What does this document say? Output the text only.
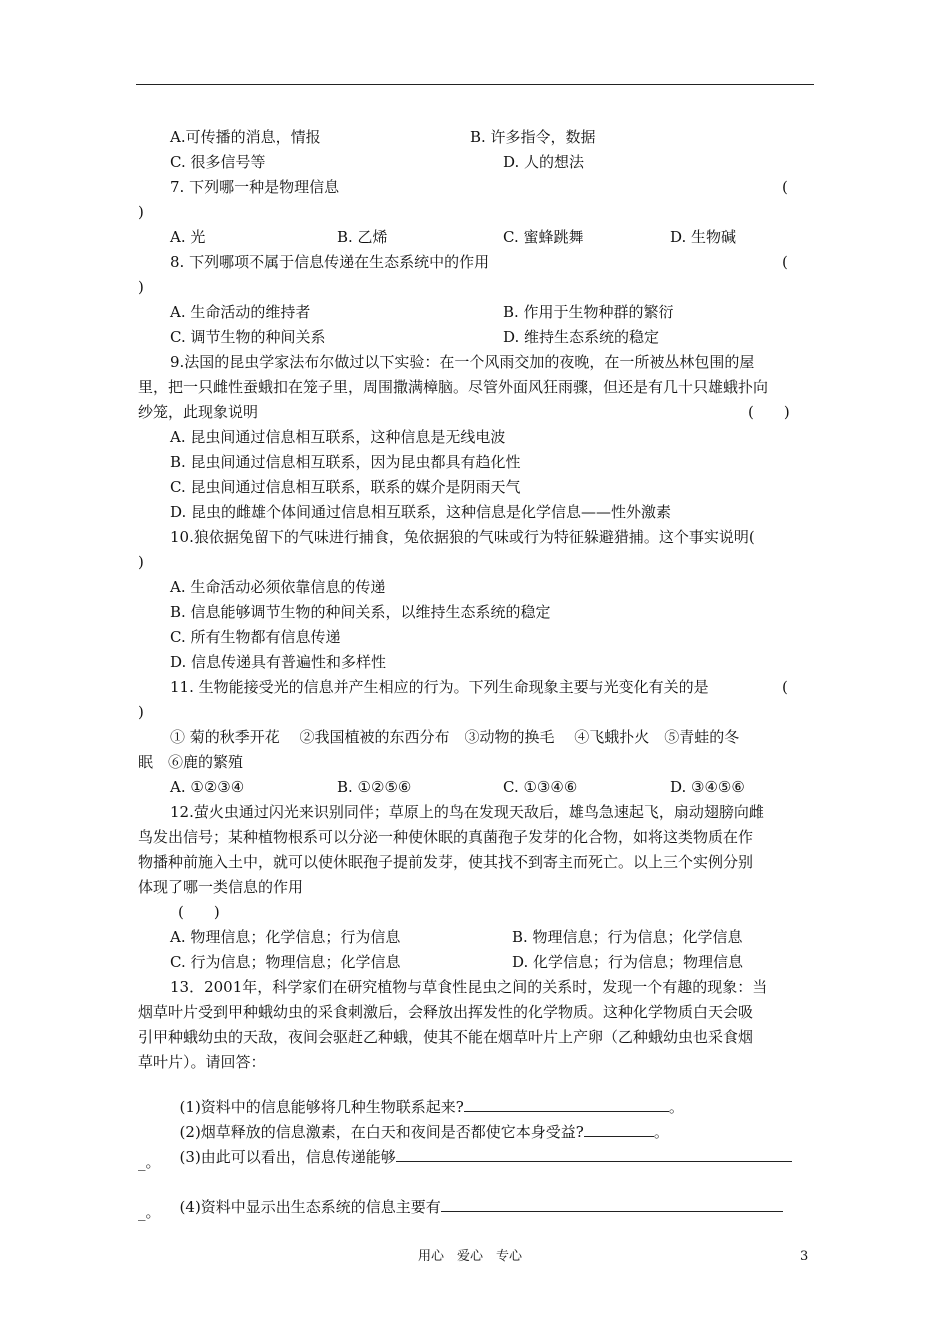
A.可传播的消息，情报	B. 许多指令，数据
C. 很多信号等	D. 人的想法
7. 下列哪一种是物理信息	(
)
A. 光	B. 乙烯	C. 蜜蜂跳舞	D. 生物碱
8. 下列哪项不属于信息传递在生态系统中的作用	(
)
A. 生命活动的维持者	B. 作用于生物种群的繁衍
C. 调节生物的种间关系	D. 维持生态系统的稳定
9.法国的昆虫学家法布尔做过以下实验：在一个风雨交加的夜晚，在一所被丛林包围的屋
里，把一只雌性蚕蛾扣在笼子里，周围撒满樟脑。尽管外面风狂雨骤，但还是有几十只雄蛾扑向
纱笼，此现象说明	(　　)
A. 昆虫间通过信息相互联系，这种信息是无线电波
B. 昆虫间通过信息相互联系，因为昆虫都具有趋化性
C. 昆虫间通过信息相互联系，联系的媒介是阴雨天气
D. 昆虫的雌雄个体间通过信息相互联系，这种信息是化学信息——性外激素
10.狼依据兔留下的气味进行捕食，兔依据狼的气味或行为特征躲避猎捕。这个事实说明(
)
A. 生命活动必须依靠信息的传递
B. 信息能够调节生物的种间关系，以维持生态系统的稳定
C. 所有生物都有信息传递
D. 信息传递具有普遍性和多样性
11. 生物能接受光的信息并产生相应的行为。下列生命现象主要与光变化有关的是	(
)
① 菊的秋季开花　 ②我国植被的东西分布　③动物的换毛　 ④飞蛾扑火　⑤青蛙的冬
眠　⑥鹿的繁殖
A. ①②③④	B. ①②⑤⑥	C. ①③④⑥	D. ③④⑤⑥
12.萤火虫通过闪光来识别同伴；草原上的鸟在发现天敌后，雄鸟急速起飞，扇动翅膀向雌
鸟发出信号；某种植物根系可以分泌一种使休眠的真菌孢子发芽的化合物，如将这类物质在作
物播种前施入土中，就可以使休眠孢子提前发芽，使其找不到寄主而死亡。以上三个实例分别
体现了哪一类信息的作用
(　　)
A. 物理信息；化学信息；行为信息	B. 物理信息；行为信息；化学信息
C. 行为信息；物理信息；化学信息	D. 化学信息；行为信息；物理信息
13．2001年，科学家们在研究植物与草食性昆虫之间的关系时，发现一个有趣的现象：当
烟草叶片受到甲种蛾幼虫的采食刺激后，会释放出挥发性的化学物质。这种化学物质白天会吸
引甲种蛾幼虫的天敌，夜间会驱赶乙种蛾，使其不能在烟草叶片上产卵（乙种蛾幼虫也采食烟
草叶片）。请回答：

(1)资料中的信息能够将几种生物联系起来?	。

(2)烟草释放的信息激素，在白天和夜间是否都使它本身受益?	。

(3)由此可以看出，信息传递能够

_。

(4)资料中显示出生态系统的信息主要有

_。
用心　爱心　专心	3
